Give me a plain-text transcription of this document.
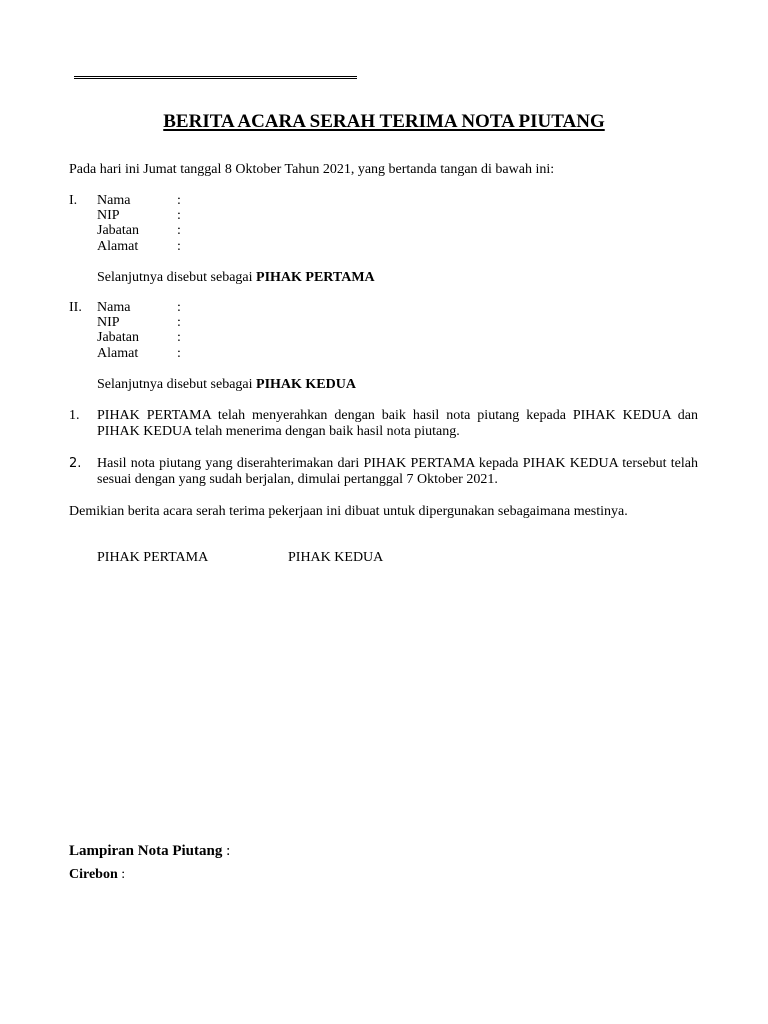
BERITA ACARA SERAH TERIMA NOTA PIUTANG
Pada hari ini Jumat tanggal 8 Oktober Tahun 2021, yang bertanda tangan di bawah ini:
I. Nama	:
NIP	:
Jabatan	:
Alamat	:
Selanjutnya disebut sebagai PIHAK PERTAMA
II. Nama	:
NIP	:
Jabatan	:
Alamat	:
Selanjutnya disebut sebagai PIHAK KEDUA
1. PIHAK PERTAMA telah menyerahkan dengan baik hasil nota piutang kepada PIHAK KEDUA dan PIHAK KEDUA telah menerima dengan baik hasil nota piutang.
2. Hasil nota piutang yang diserahterimakan dari PIHAK PERTAMA kepada PIHAK KEDUA tersebut telah sesuai dengan yang sudah berjalan, dimulai pertanggal 7 Oktober 2021.
Demikian berita acara serah terima pekerjaan ini dibuat untuk dipergunakan sebagaimana mestinya.
PIHAK PERTAMA	PIHAK KEDUA
Lampiran Nota Piutang :
Cirebon :
